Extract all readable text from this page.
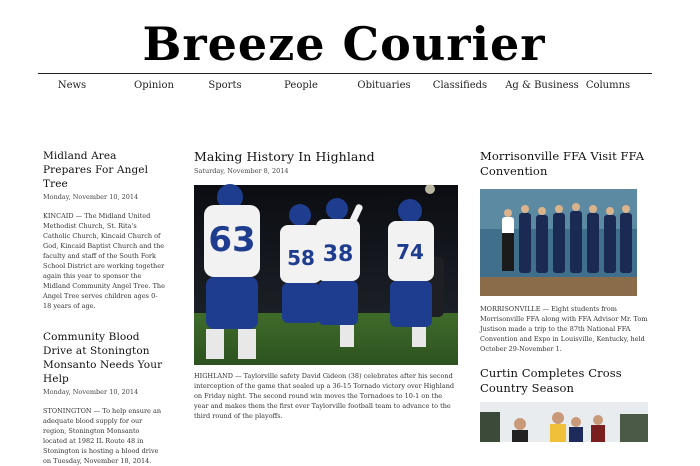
Breeze Courier
News	Opinion	Sports	People	Obituaries Classifieds Ag & Business Columns
Midland Area Prepares For Angel Tree
Monday, November 10, 2014

KINCAID — The Midland United Methodist Church, St. Rita's Catholic Church, Kincaid Church of God, Kincaid Baptist Church and the faculty and staff of the South Fork School District are working together again this year to sponsor the Midland Community Angel Tree. The Angel Tree serves children ages 0-18 years of age.

Community Blood Drive at Stonington Monsanto Needs Your Help
Monday, November 10, 2014

STONINGTON — To help ensure an adequate blood supply for our region, Stonington Monsanto located at 1982 IL Route 48 in Stonington is hosting a blood drive on Tuesday, November 18, 2014.

Making History In Highland
Saturday, November 8, 2014
63 58 38 74

HIGHLAND — Taylorville safety David Gideon (38) celebrates after his second interception of the game that sealed up a 36-15 Tornado victory over Highland on Friday night. The second round win moves the Tornadoes to 10-1 on the year and makes them the first ever Taylorville football team to advance to the third round of the playoffs.

Morrisonville FFA Visit FFA Convention

MORRISONVILLE — Eight students from Morrisonville FFA along with FFA Advisor Mr. Tom Justison made a trip to the 87th National FFA Convention and Expo in Louisville, Kentucky, held October 29-November 1.

Curtin Completes Cross Country Season
